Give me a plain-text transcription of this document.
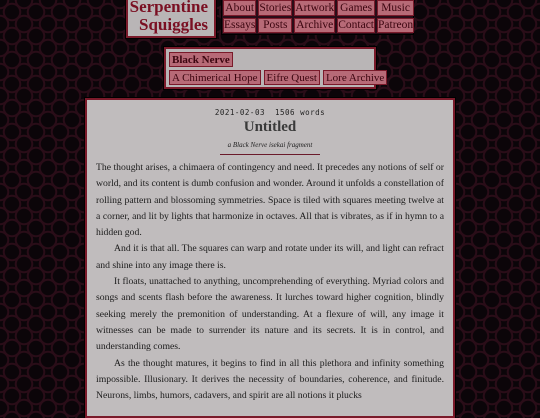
Serpentine
Squiggles
About Stories Artwork Games Music
Essays Posts Archive Contact Patreon
Black Nerve
A Chimerical Hope Eifre Quest Lore Archive
2021-02-03  1506 words
Untitled
a Black Nerve isekai fragment

The thought arises, a chimaera of contingency and need. It precedes any notions of self or world, and its content is dumb confusion and wonder. Around it unfolds a constellation of rolling pattern and blossoming symmetries. Space is tiled with squares meeting twelve at a corner, and lit by lights that harmonize in octaves. All that is vibrates, as if in hymn to a hidden god.

And it is that all. The squares can warp and rotate under its will, and light can refract and shine into any image there is.

It floats, unattached to anything, uncomprehending of everything. Myriad colors and songs and scents flash before the awareness. It lurches toward higher cognition, blindly seeking merely the premonition of understanding. At a flexure of will, any image it witnesses can be made to surrender its nature and its secrets. It is in control, and understanding comes.

As the thought matures, it begins to find in all this plethora and infinity something impossible. Illusionary. It derives the necessity of boundaries, coherence, and finitude. Neurons, limbs, humors, cadavers, and spirit are all notions it plucks
